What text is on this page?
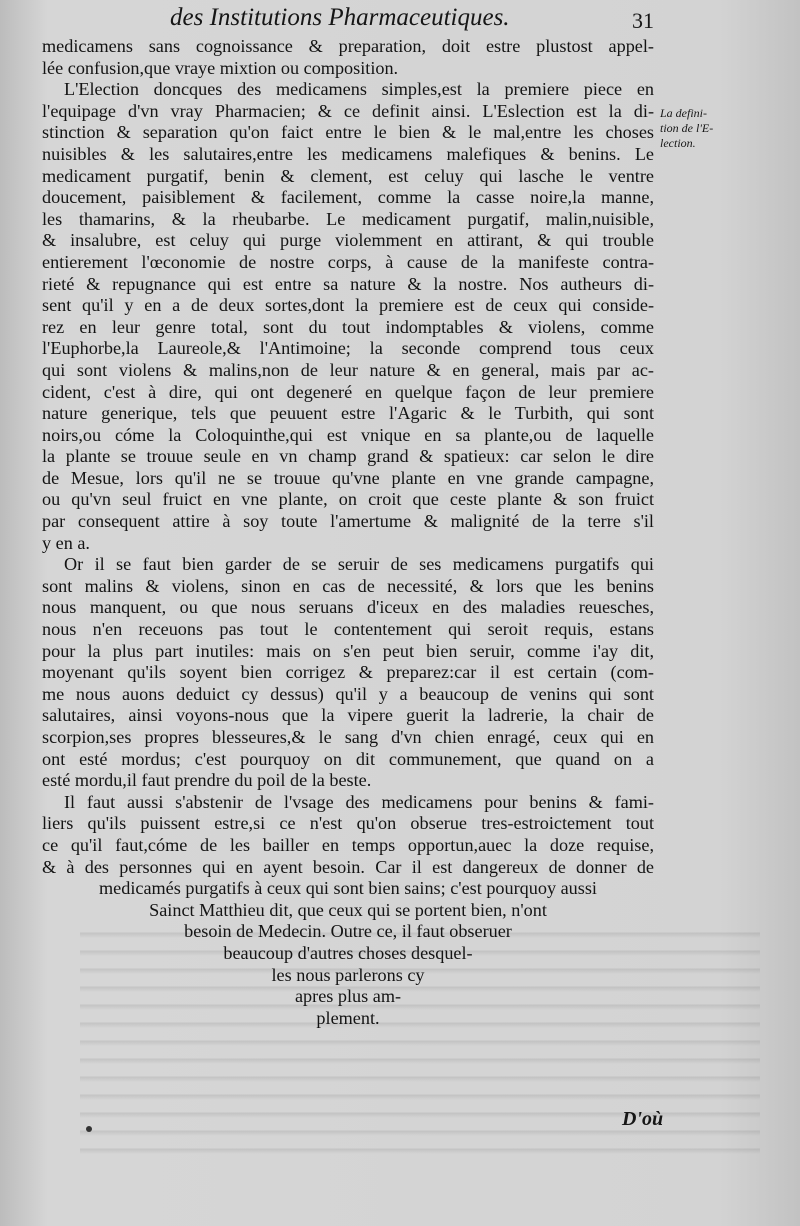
des Institutions Pharmaceutiques.	31
La defini-
tion de l'E-
lection.
medicamens sans cognoissance & preparation, doit estre plustost appel-
lée confusion,que vraye mixtion ou composition.
L'Election doncques des medicamens simples,est la premiere piece en
l'equipage d'vn vray Pharmacien; & ce definit ainsi. L'Eslection est la di-
stinction & separation qu'on faict entre le bien & le mal,entre les choses
nuisibles & les salutaires,entre les medicamens malefiques & benins. Le
medicament purgatif, benin & clement, est celuy qui lasche le ventre
doucement, paisiblement & facilement, comme la casse noire,la manne,
les thamarins, & la rheubarbe. Le medicament purgatif, malin,nuisible,
& insalubre, est celuy qui purge violemment en attirant, & qui trouble
entierement l'œconomie de nostre corps, à cause de la manifeste contra-
rieté & repugnance qui est entre sa nature & la nostre. Nos autheurs di-
sent qu'il y en a de deux sortes,dont la premiere est de ceux qui conside-
rez en leur genre total, sont du tout indomptables & violens, comme
l'Euphorbe,la Laureole,& l'Antimoine; la seconde comprend tous ceux
qui sont violens & malins,non de leur nature & en general, mais par ac-
cident, c'est à dire, qui ont degeneré en quelque façon de leur premiere
nature generique, tels que peuuent estre l'Agaric & le Turbith, qui sont
noirs,ou cóme la Coloquinthe,qui est vnique en sa plante,ou de laquelle
la plante se trouue seule en vn champ grand & spatieux: car selon le dire
de Mesue, lors qu'il ne se trouue qu'vne plante en vne grande campagne,
ou qu'vn seul fruict en vne plante, on croit que ceste plante & son fruict
par consequent attire à soy toute l'amertume & malignité de la terre s'il
y en a.
Or il se faut bien garder de se seruir de ses medicamens purgatifs qui
sont malins & violens, sinon en cas de necessité, & lors que les benins
nous manquent, ou que nous seruans d'iceux en des maladies reuesches,
nous n'en receuons pas tout le contentement qui seroit requis, estans
pour la plus part inutiles: mais on s'en peut bien seruir, comme i'ay dit,
moyenant qu'ils soyent bien corrigez & preparez:car il est certain (com-
me nous auons deduict cy dessus) qu'il y a beaucoup de venins qui sont
salutaires, ainsi voyons-nous que la vipere guerit la ladrerie, la chair de
scorpion,ses propres blesseures,& le sang d'vn chien enragé, ceux qui en
ont esté mordus; c'est pourquoy on dit communement, que quand on a
esté mordu,il faut prendre du poil de la beste.
Il faut aussi s'abstenir de l'vsage des medicamens pour benins & fami-
liers qu'ils puissent estre,si ce n'est qu'on obserue tres-estroictement tout
ce qu'il faut,cóme de les bailler en temps opportun,auec la doze requise,
& à des personnes qui en ayent besoin. Car il est dangereux de donner de
medicamés purgatifs à ceux qui sont bien sains; c'est pourquoy aussi
Sainct Matthieu dit, que ceux qui se portent bien, n'ont
besoin de Medecin. Outre ce, il faut obseruer
beaucoup d'autres choses desquel-
les nous parlerons cy
apres plus am-
plement.
D'où
